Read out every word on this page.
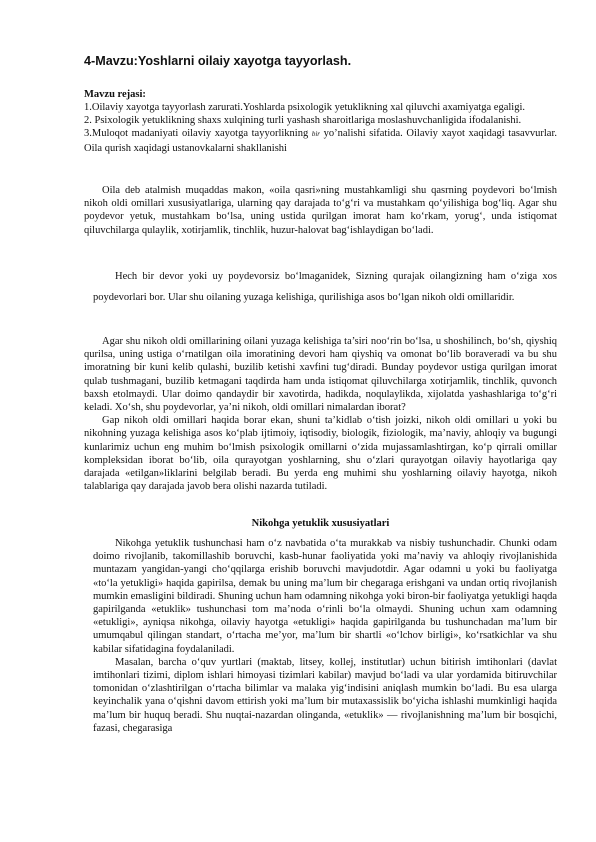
4-Mavzu:Yoshlarni oilaiy xayotga tayyorlash.
Mavzu rejasi:

1.Oilaviy xayotga tayyorlash zarurati.Yoshlarda psixologik yetuklikning xal qiluvchi axamiyatga egaligi.

2. Psixologik yetuklikning shaxs xulqining turli yashash sharoitlariga moslashuvchanligida ifodalanishi.

3.Muloqot madaniyati oilaviy xayotga tayyorlikning bir yo’nalishi sifatida. Oilaviy xayot xaqidagi tasavvurlar. Oila qurish xaqidagi ustanovkalarni shakllanishi

Oila deb atalmish muqaddas makon, «oila qasri»ning mustahkamligi shu qasrning poydevori bo‘lmish nikoh oldi omillari xususiyatlariga, ularning qay darajada to‘g‘ri va mustahkam qo‘yilishiga bog‘liq. Agar shu poydevor yetuk, mustahkam bo‘lsa, uning ustida qurilgan imorat ham ko‘rkam, yorug‘, unda istiqomat qiluvchilarga qulaylik, xotirjamlik, tinchlik, huzur-halovat bag‘ishlaydigan bo‘ladi.

Hech bir devor yoki uy poydevorsiz bo‘lmaganidek, Sizning qurajak oilangizning ham o‘ziga xos poydevorlari bor. Ular shu oilaning yuzaga kelishiga, qurilishiga asos bo‘lgan nikoh oldi omillaridir.

Agar shu nikoh oldi omillarining oilani yuzaga kelishiga ta’siri noo‘rin bo‘lsa, u shoshilinch, bo‘sh, qiyshiq qurilsa, uning ustiga o‘rnatilgan oila imoratining devori ham qiyshiq va omonat bo‘lib boraveradi va bu shu imoratning bir kuni kelib qulashi, buzilib ketishi xavfini tug‘diradi. Bunday poydevor ustiga qurilgan imorat qulab tushmagani, buzilib ketmagani taqdirda ham unda istiqomat qiluvchilarga xotirjamlik, tinchlik, quvonch baxsh etolmaydi. Ular doimo qandaydir bir xavotirda, hadikda, noqulaylikda, xijolatda yashashlariga to‘g‘ri keladi. Xo‘sh, shu poydevorlar, ya’ni nikoh, oldi omillari nimalardan iborat?

Gap nikoh oldi omillari haqida borar ekan, shuni ta’kidlab o‘tish joizki, nikoh oldi omillari u yoki bu nikohning yuzaga kelishiga asos ko‘plab ijtimoiy, iqtisodiy, biologik, fiziologik, ma’naviy, ahloqiy va bugungi kunlarimiz uchun eng muhim bo‘lmish psixologik omillarni o‘zida mujassamlashtirgan, ko‘p qirrali omillar kompleksidan iborat bo‘lib, oila qurayotgan yoshlarning, shu o‘zlari qurayotgan oilaviy hayotlariga qay darajada «etilgan»liklarini belgilab beradi. Bu yerda eng muhimi shu yoshlarning oilaviy hayotga, nikoh talablariga qay darajada javob bera olishi nazarda tutiladi.

Nikohga yetuklik xususiyatlari

Nikohga yetuklik tushunchasi ham o‘z navbatida o‘ta murakkab va nisbiy tushunchadir. Chunki odam doimo rivojlanib, takomillashib boruvchi, kasb-hunar faoliyatida yoki ma’naviy va ahloqiy rivojlanishida muntazam yangidan-yangi cho‘qqilarga erishib boruvchi mavjudotdir. Agar odamni u yoki bu faoliyatga «to‘la yetukligi» haqida gapirilsa, demak bu uning ma’lum bir chegaraga erishgani va undan ortiq rivojlanish mumkin emasligini bildiradi. Shuning uchun ham odamning nikohga yoki biron-bir faoliyatga yetukligi haqda gapirilganda «etuklik» tushunchasi tom ma’noda o‘rinli bo‘la olmaydi. Shuning uchun xam odamning «etukligi», ayniqsa nikohga, oilaviy hayotga «etukligi» haqida gapirilganda bu tushunchadan ma’lum bir umumqabul qilingan standart, o‘rtacha me’yor, ma’lum bir shartli «o‘lchov birligi», ko‘rsatkichlar va shu kabilar sifatidagina foydalaniladi.

Masalan, barcha o‘quv yurtlari (maktab, litsey, kollej, institutlar) uchun bitirish imtihonlari (davlat imtihonlari tizimi, diplom ishlari himoyasi tizimlari kabilar) mavjud bo‘ladi va ular yordamida bitiruvchilar tomonidan o‘zlashtirilgan o‘rtacha bilimlar va malaka yig‘indisini aniqlash mumkin bo‘ladi. Bu esa ularga keyinchalik yana o‘qishni davom ettirish yoki ma’lum bir mutaxassislik bo‘yicha ishlashi mumkinligi haqida ma’lum bir huquq beradi. Shu nuqtai-nazardan olinganda, «etuklik» — rivojlanishning ma’lum bir bosqichi, fazasi, chegarasiga
